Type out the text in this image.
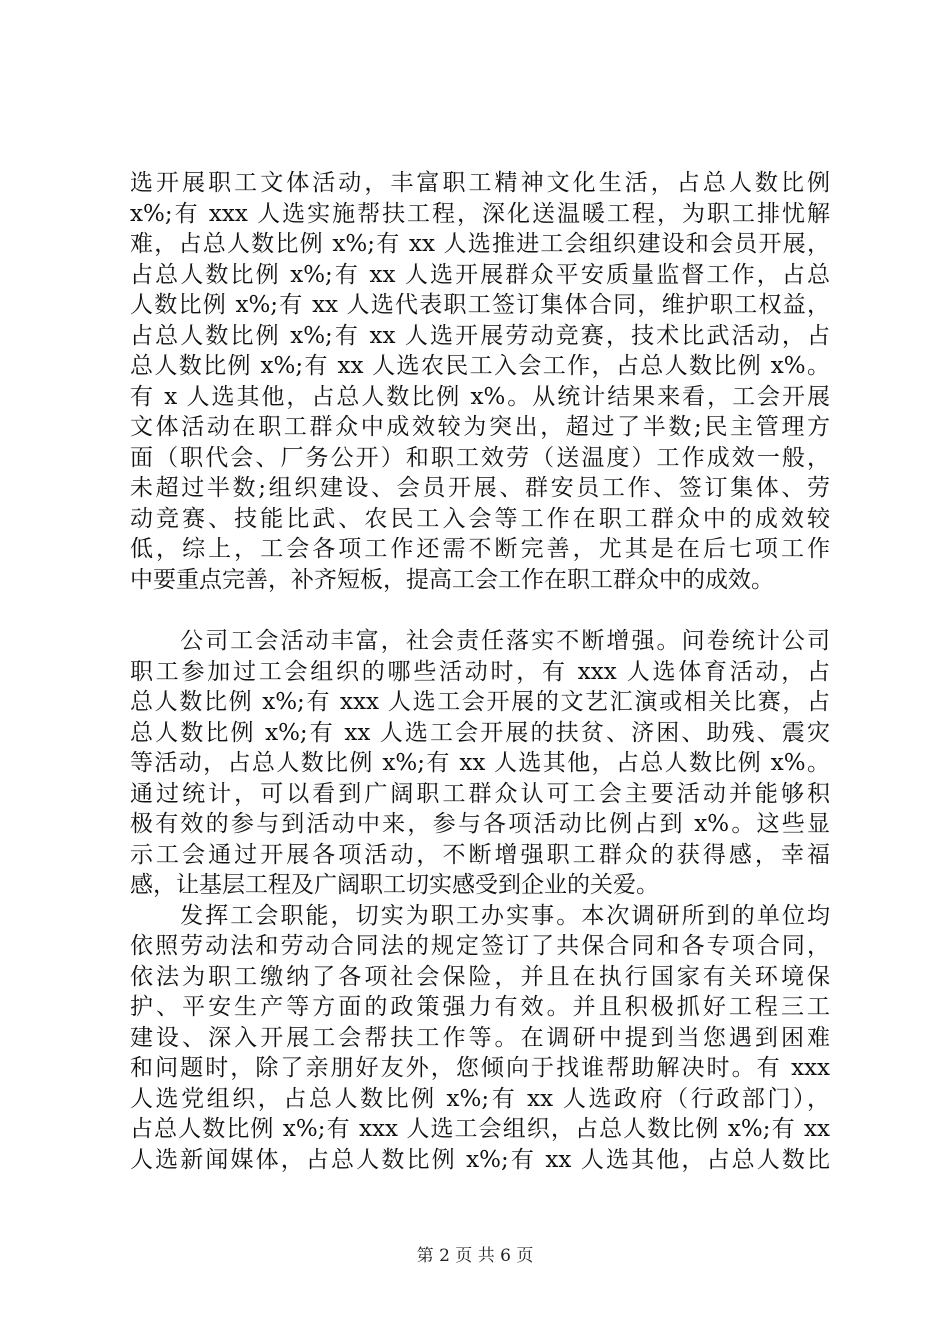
选开展职工文体活动，丰富职工精神文化生活，占总人数比例
x%;有 xxx 人选实施帮扶工程，深化送温暖工程，为职工排忧解
难，占总人数比例 x%;有 xx 人选推进工会组织建设和会员开展，
占总人数比例 x%;有 xx 人选开展群众平安质量监督工作，占总
人数比例 x%;有 xx 人选代表职工签订集体合同，维护职工权益，
占总人数比例 x%;有 xx 人选开展劳动竞赛，技术比武活动，占
总人数比例 x%;有 xx 人选农民工入会工作，占总人数比例 x%。
有 x 人选其他，占总人数比例 x%。从统计结果来看，工会开展
文体活动在职工群众中成效较为突出，超过了半数;民主管理方
面（职代会、厂务公开）和职工效劳（送温度）工作成效一般，
未超过半数;组织建设、会员开展、群安员工作、签订集体、劳
动竞赛、技能比武、农民工入会等工作在职工群众中的成效较
低，综上，工会各项工作还需不断完善，尤其是在后七项工作
中要重点完善，补齐短板，提高工会工作在职工群众中的成效。
　　公司工会活动丰富，社会责任落实不断增强。问卷统计公司
职工参加过工会组织的哪些活动时，有 xxx 人选体育活动，占
总人数比例 x%;有 xxx 人选工会开展的文艺汇演或相关比赛，占
总人数比例 x%;有 xx 人选工会开展的扶贫、济困、助残、震灾
等活动，占总人数比例 x%;有 xx 人选其他，占总人数比例 x%。
通过统计，可以看到广阔职工群众认可工会主要活动并能够积
极有效的参与到活动中来，参与各项活动比例占到 x%。这些显
示工会通过开展各项活动，不断增强职工群众的获得感，幸福
感，让基层工程及广阔职工切实感受到企业的关爱。
　　发挥工会职能，切实为职工办实事。本次调研所到的单位均
依照劳动法和劳动合同法的规定签订了共保合同和各专项合同，
依法为职工缴纳了各项社会保险，并且在执行国家有关环境保
护、平安生产等方面的政策强力有效。并且积极抓好工程三工
建设、深入开展工会帮扶工作等。在调研中提到当您遇到困难
和问题时，除了亲朋好友外，您倾向于找谁帮助解决时。有 xxx
人选党组织，占总人数比例 x%;有 xx 人选政府（行政部门），
占总人数比例 x%;有 xxx 人选工会组织，占总人数比例 x%;有 xx
人选新闻媒体，占总人数比例 x%;有 xx 人选其他，占总人数比
第 2 页 共 6 页
